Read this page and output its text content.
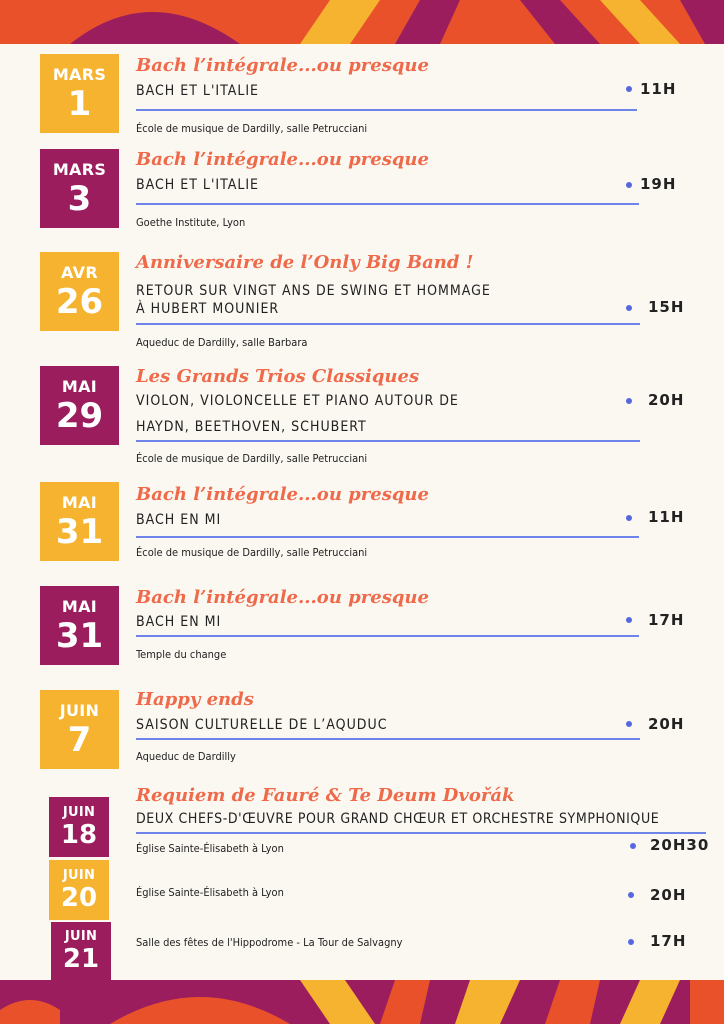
MARS
1
Bach l’intégrale...ou presque
BACH ET L'ITALIE	11H
École de musique de Dardilly, salle Petrucciani
MARS
3
Bach l’intégrale...ou presque
BACH ET L'ITALIE	19H
Goethe Institute, Lyon
AVR
26
Anniversaire de l’Only Big Band !
RETOUR SUR VINGT ANS DE SWING ET HOMMAGE
À HUBERT MOUNIER	15H
Aqueduc de Dardilly, salle Barbara
MAI
29
Les Grands Trios Classiques
VIOLON, VIOLONCELLE ET PIANO AUTOUR DE
HAYDN, BEETHOVEN, SCHUBERT
20H
École de musique de Dardilly, salle Petrucciani
MAI
31
Bach l’intégrale...ou presque
BACH EN MI	11H
École de musique de Dardilly, salle Petrucciani
MAI
31
Bach l’intégrale...ou presque
BACH EN MI	17H
Temple du change
JUIN
7
Happy ends
SAISON CULTURELLE DE L’AQUDUC	20H
Aqueduc de Dardilly
Requiem de Fauré & Te Deum Dvořák
DEUX CHEFS-D'ŒUVRE POUR GRAND CHŒUR ET ORCHESTRE SYMPHONIQUE
JUIN
18	Église Sainte-Élisabeth à Lyon	20H30
JUIN
20	Église Sainte-Élisabeth à Lyon	20H
JUIN
21
Salle des fêtes de l'Hippodrome - La Tour de Salvagny	17H
